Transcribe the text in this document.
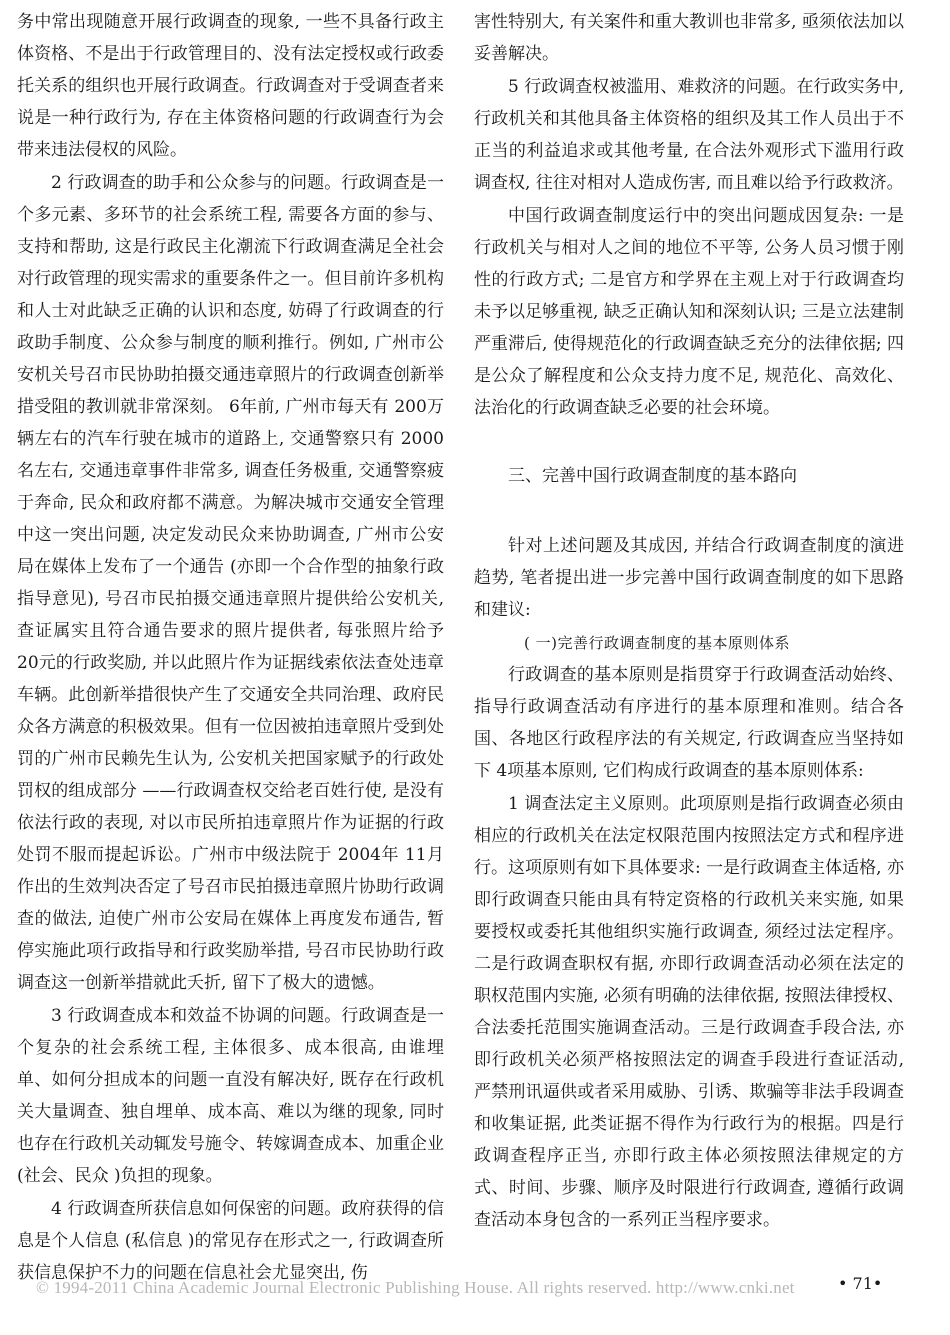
务中常出现随意开展行政调查的现象, 一些不具备行政主体资格、不是出于行政管理目的、没有法定授权或行政委托关系的组织也开展行政调查。行政调查对于受调查者来说是一种行政行为, 存在主体资格问题的行政调查行为会带来违法侵权的风险。

2 行政调查的助手和公众参与的问题。行政调查是一个多元素、多环节的社会系统工程, 需要各方面的参与、支持和帮助, 这是行政民主化潮流下行政调查满足全社会对行政管理的现实需求的重要条件之一。但目前许多机构和人士对此缺乏正确的认识和态度, 妨碍了行政调查的行政助手制度、公众参与制度的顺利推行。例如, 广州市公安机关号召市民协助拍摄交通违章照片的行政调查创新举措受阻的教训就非常深刻。 6年前, 广州市每天有 200万辆左右的汽车行驶在城市的道路上, 交通警察只有 2000名左右, 交通违章事件非常多, 调查任务极重, 交通警察疲于奔命, 民众和政府都不满意。为解决城市交通安全管理中这一突出问题, 决定发动民众来协助调查, 广州市公安局在媒体上发布了一个通告 (亦即一个合作型的抽象行政指导意见), 号召市民拍摄交通违章照片提供给公安机关, 查证属实且符合通告要求的照片提供者, 每张照片给予 20元的行政奖励, 并以此照片作为证据线索依法查处违章车辆。此创新举措很快产生了交通安全共同治理、政府民众各方满意的积极效果。但有一位因被拍违章照片受到处罚的广州市民赖先生认为, 公安机关把国家赋予的行政处罚权的组成部分 ——行政调查权交给老百姓行使, 是没有依法行政的表现, 对以市民所拍违章照片作为证据的行政处罚不服而提起诉讼。广州市中级法院于 2004年 11月作出的生效判决否定了号召市民拍摄违章照片协助行政调查的做法, 迫使广州市公安局在媒体上再度发布通告, 暂停实施此项行政指导和行政奖励举措, 号召市民协助行政调查这一创新举措就此夭折, 留下了极大的遗憾。

3 行政调查成本和效益不协调的问题。行政调查是一个复杂的社会系统工程, 主体很多、成本很高, 由谁埋单、如何分担成本的问题一直没有解决好, 既存在行政机关大量调查、独自埋单、成本高、难以为继的现象, 同时也存在行政机关动辄发号施令、转嫁调查成本、加重企业 (社会、民众 )负担的现象。

4 行政调查所获信息如何保密的问题。政府获得的信息是个人信息 (私信息 )的常见存在形式之一, 行政调查所获信息保护不力的问题在信息社会尤显突出, 伤

害性特别大, 有关案件和重大教训也非常多, 亟须依法加以妥善解决。

5 行政调查权被滥用、难救济的问题。在行政实务中, 行政机关和其他具备主体资格的组织及其工作人员出于不正当的利益追求或其他考量, 在合法外观形式下滥用行政调查权, 往往对相对人造成伤害, 而且难以给予行政救济。

中国行政调查制度运行中的突出问题成因复杂: 一是行政机关与相对人之间的地位不平等, 公务人员习惯于刚性的行政方式; 二是官方和学界在主观上对于行政调查均未予以足够重视, 缺乏正确认知和深刻认识; 三是立法建制严重滞后, 使得规范化的行政调查缺乏充分的法律依据; 四是公众了解程度和公众支持力度不足, 规范化、高效化、法治化的行政调查缺乏必要的社会环境。

三、完善中国行政调查制度的基本路向

针对上述问题及其成因, 并结合行政调查制度的演进趋势, 笔者提出进一步完善中国行政调查制度的如下思路和建议:

( 一)完善行政调查制度的基本原则体系

行政调查的基本原则是指贯穿于行政调查活动始终、指导行政调查活动有序进行的基本原理和准则。结合各国、各地区行政程序法的有关规定, 行政调查应当坚持如下 4项基本原则, 它们构成行政调查的基本原则体系:

1 调查法定主义原则。此项原则是指行政调查必须由相应的行政机关在法定权限范围内按照法定方式和程序进行。这项原则有如下具体要求: 一是行政调查主体适格, 亦即行政调查只能由具有特定资格的行政机关来实施, 如果要授权或委托其他组织实施行政调查, 须经过法定程序。二是行政调查职权有据, 亦即行政调查活动必须在法定的职权范围内实施, 必须有明确的法律依据, 按照法律授权、合法委托范围实施调查活动。三是行政调查手段合法, 亦即行政机关必须严格按照法定的调查手段进行查证活动, 严禁刑讯逼供或者采用威胁、引诱、欺骗等非法手段调查和收集证据, 此类证据不得作为行政行为的根据。四是行政调查程序正当, 亦即行政主体必须按照法律规定的方式、时间、步骤、顺序及时限进行行政调查, 遵循行政调查活动本身包含的一系列正当程序要求。

• 71•
© 1994-2011 China Academic Journal Electronic Publishing House. All rights reserved. http://www.cnki.net
